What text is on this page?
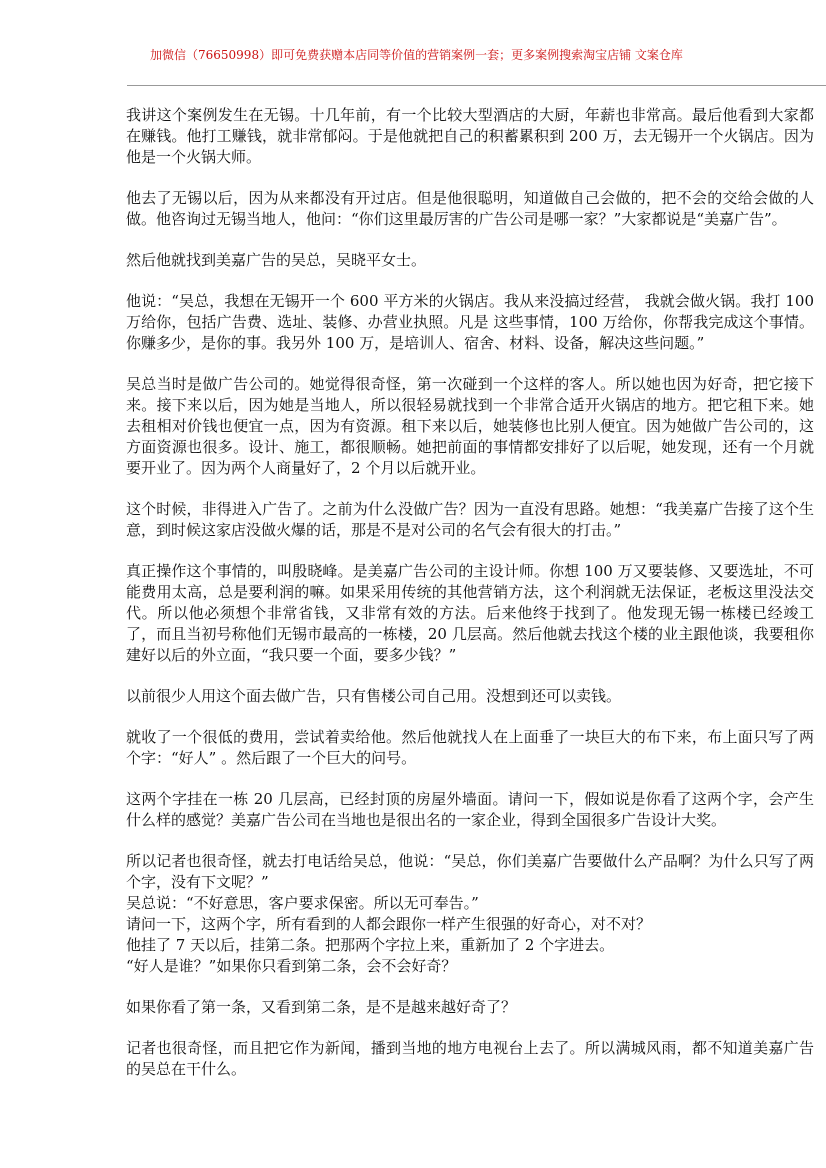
加微信（76650998）即可免费获赠本店同等价值的营销案例一套；更多案例搜索淘宝店铺 文案仓库

我讲这个案例发生在无锡。十几年前，有一个比较大型酒店的大厨，年薪也非常高。最后他看到大家都在赚钱。他打工赚钱，就非常郁闷。于是他就把自己的积蓄累积到 200 万，去无锡开一个火锅店。因为他是一个火锅大师。

他去了无锡以后，因为从来都没有开过店。但是他很聪明，知道做自己会做的，把不会的交给会做的人做。他咨询过无锡当地人，他问：“你们这里最厉害的广告公司是哪一家？”大家都说是“美嘉广告”。

然后他就找到美嘉广告的吴总，吴晓平女士。

他说：“吴总，我想在无锡开一个 600 平方米的火锅店。我从来没搞过经营， 我就会做火锅。我打 100 万给你，包括广告费、选址、装修、办营业执照。凡是 这些事情，100 万给你，你帮我完成这个事情。你赚多少，是你的事。我另外 100 万，是培训人、宿舍、材料、设备，解决这些问题。”

吴总当时是做广告公司的。她觉得很奇怪，第一次碰到一个这样的客人。所以她也因为好奇，把它接下来。接下来以后，因为她是当地人，所以很轻易就找到一个非常合适开火锅店的地方。把它租下来。她去租相对价钱也便宜一点，因为有资源。租下来以后，她装修也比别人便宜。因为她做广告公司的，这方面资源也很多。设计、施工，都很顺畅。她把前面的事情都安排好了以后呢，她发现，还有一个月就要开业了。因为两个人商量好了，2 个月以后就开业。

这个时候，非得进入广告了。之前为什么没做广告？因为一直没有思路。她想：“我美嘉广告接了这个生意，到时候这家店没做火爆的话，那是不是对公司的名气会有很大的打击。”

真正操作这个事情的，叫殷晓峰。是美嘉广告公司的主设计师。你想 100 万又要装修、又要选址，不可能费用太高，总是要利润的嘛。如果采用传统的其他营销方法，这个利润就无法保证，老板这里没法交代。所以他必须想个非常省钱，又非常有效的方法。后来他终于找到了。他发现无锡一栋楼已经竣工了，而且当初号称他们无锡市最高的一栋楼，20 几层高。然后他就去找这个楼的业主跟他谈，我要租你建好以后的外立面，“我只要一个面，要多少钱？”

以前很少人用这个面去做广告，只有售楼公司自己用。没想到还可以卖钱。

就收了一个很低的费用，尝试着卖给他。然后他就找人在上面垂了一块巨大的布下来，布上面只写了两个字：“好人” 。然后跟了一个巨大的问号。

这两个字挂在一栋 20 几层高，已经封顶的房屋外墙面。请问一下，假如说是你看了这两个字，会产生什么样的感觉？美嘉广告公司在当地也是很出名的一家企业，得到全国很多广告设计大奖。

所以记者也很奇怪，就去打电话给吴总，他说：“吴总，你们美嘉广告要做什么产品啊？为什么只写了两个字，没有下文呢？”

吴总说：“不好意思，客户要求保密。所以无可奉告。”

请问一下，这两个字，所有看到的人都会跟你一样产生很强的好奇心，对不对？

他挂了 7 天以后，挂第二条。把那两个字拉上来，重新加了 2 个字进去。

“好人是谁？”如果你只看到第二条，会不会好奇？

如果你看了第一条，又看到第二条，是不是越来越好奇了？

记者也很奇怪，而且把它作为新闻，播到当地的地方电视台上去了。所以满城风雨，都不知道美嘉广告的吴总在干什么。
